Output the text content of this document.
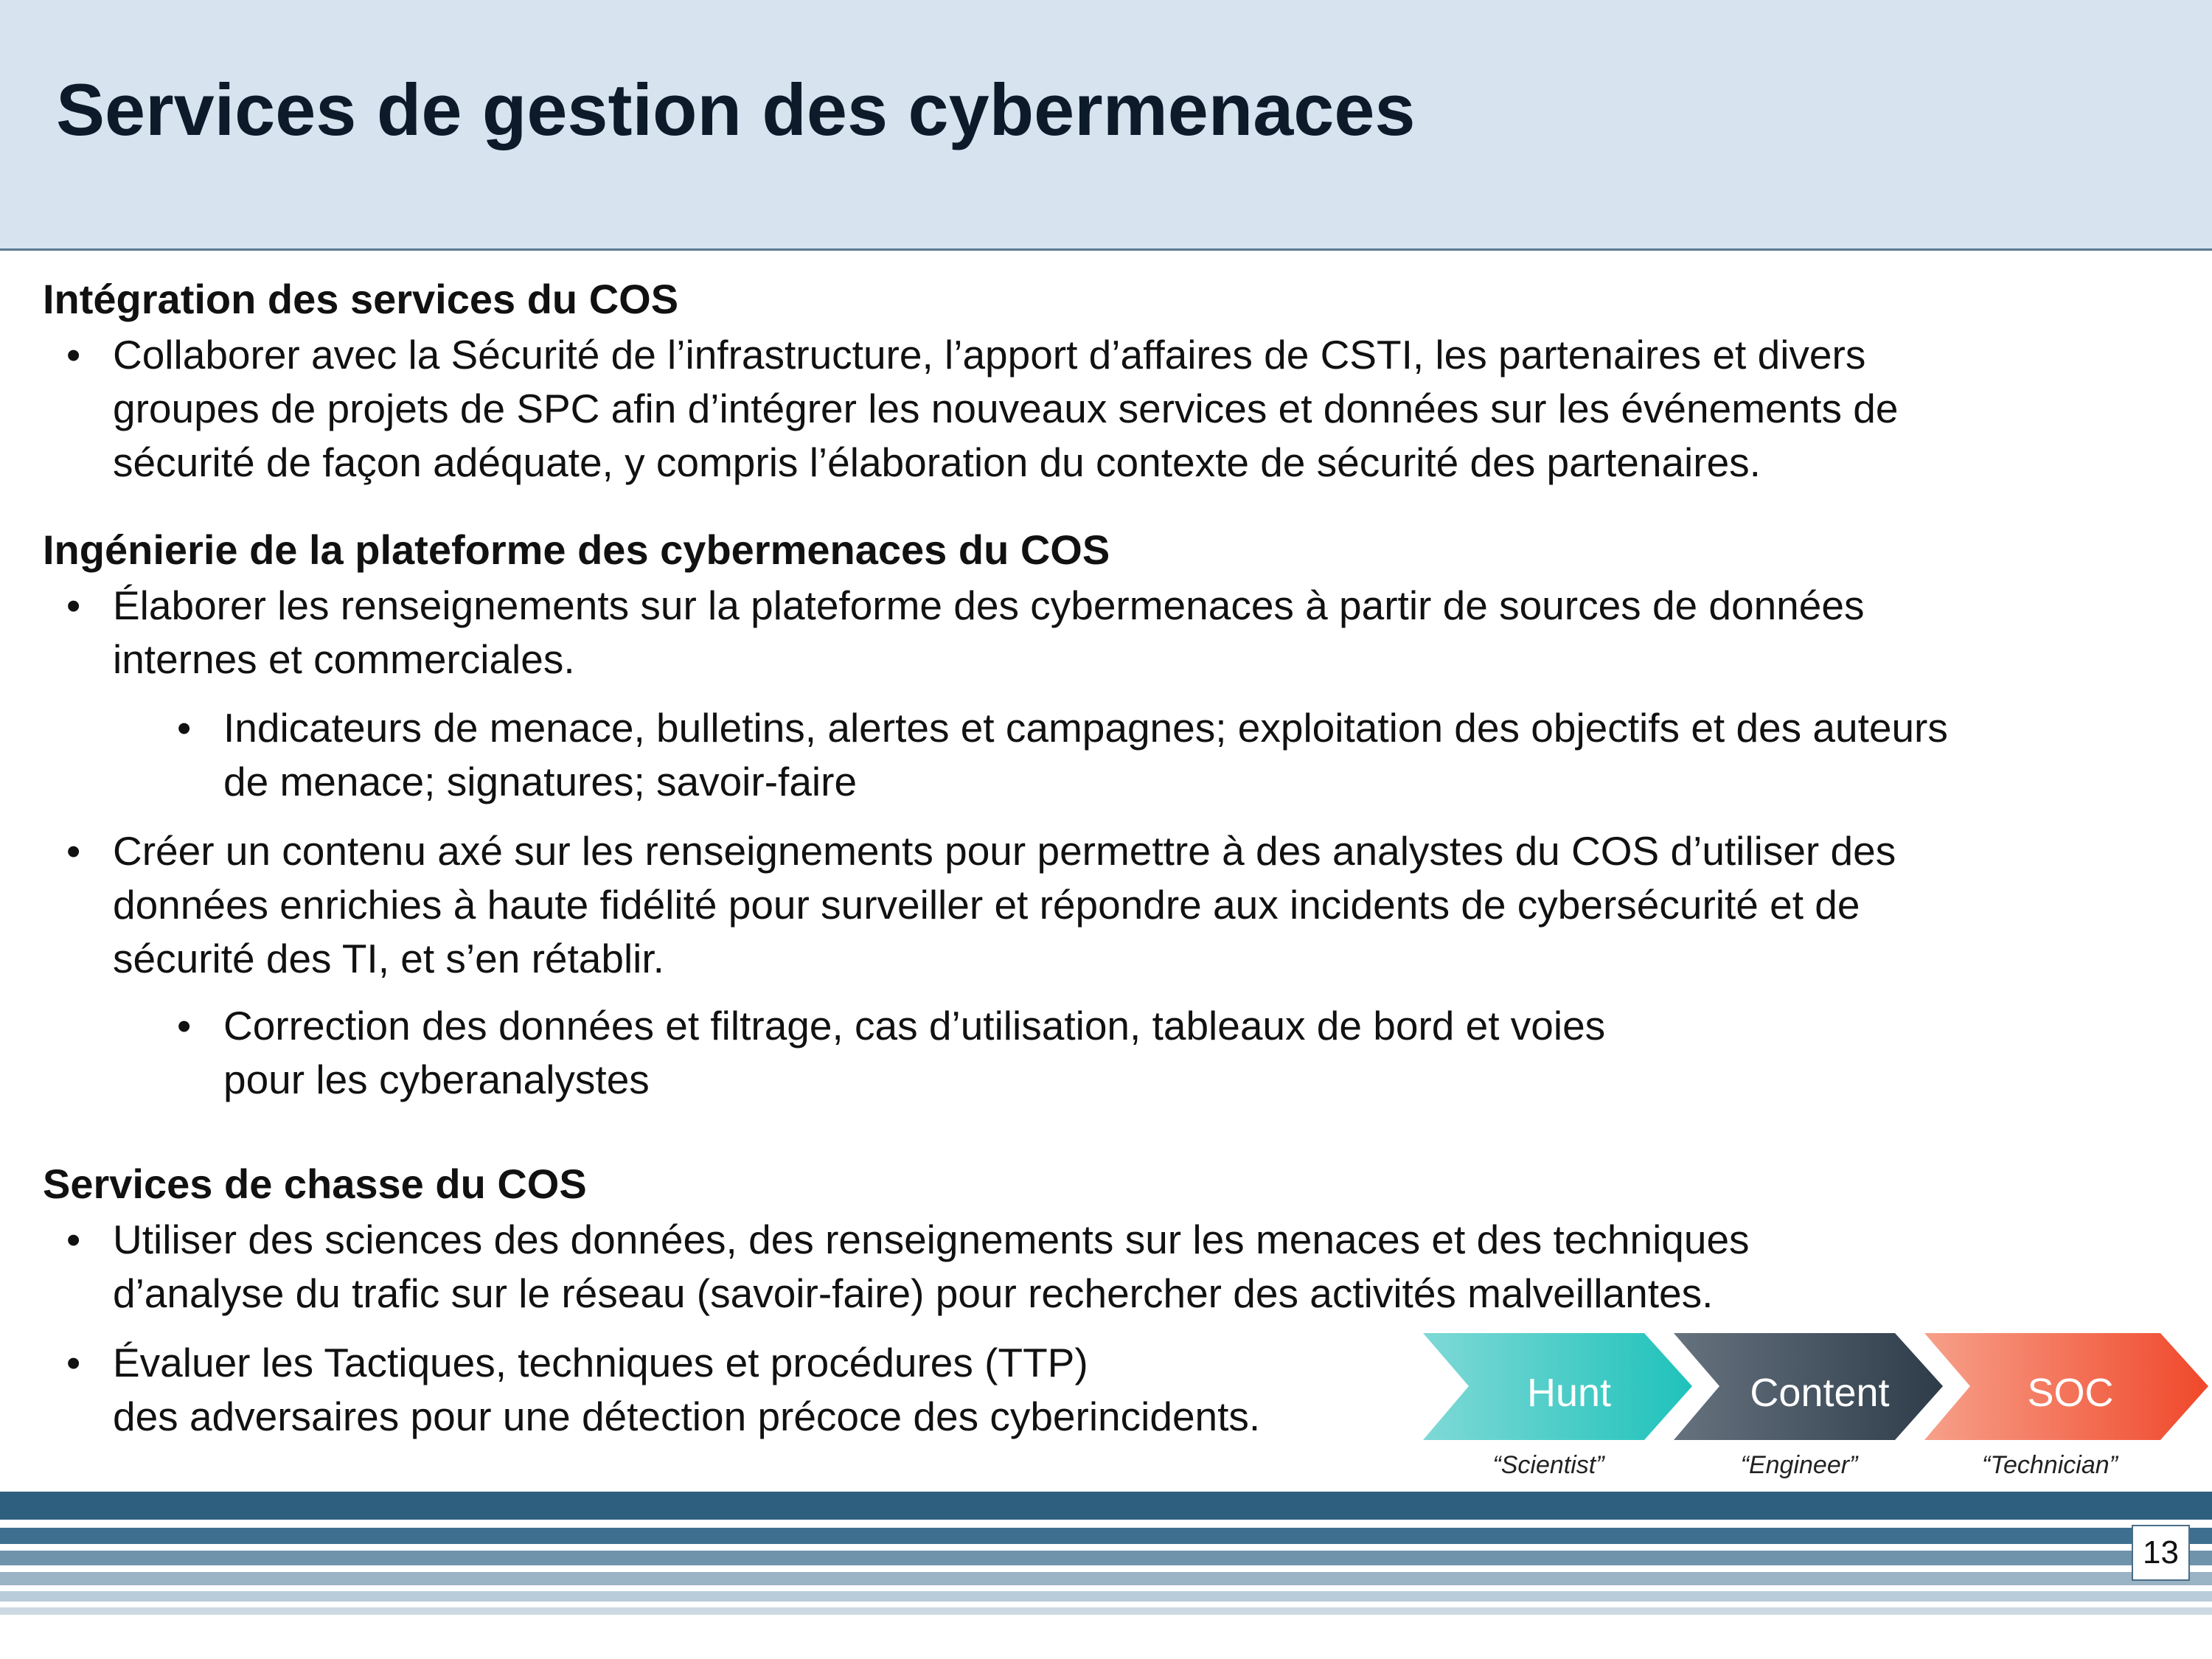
Services de gestion des cybermenaces
Intégration des services du COS
• Collaborer avec la Sécurité de l’infrastructure, l’apport d’affaires de CSTI, les partenaires et divers
groupes de projets de SPC afin d’intégrer les nouveaux services et données sur les événements de
sécurité de façon adéquate, y compris l’élaboration du contexte de sécurité des partenaires.
Ingénierie de la plateforme des cybermenaces du COS
• Élaborer les renseignements sur la plateforme des cybermenaces à partir de sources de données
internes et commerciales.
• Indicateurs de menace, bulletins, alertes et campagnes; exploitation des objectifs et des auteurs
de menace; signatures; savoir-faire
• Créer un contenu axé sur les renseignements pour permettre à des analystes du COS d’utiliser des
données enrichies à haute fidélité pour surveiller et répondre aux incidents de cybersécurité et de
sécurité des TI, et s’en rétablir.
• Correction des données et filtrage, cas d’utilisation, tableaux de bord et voies
pour les cyberanalystes
Services de chasse du COS
• Utiliser des sciences des données, des renseignements sur les menaces et des techniques
d’analyse du trafic sur le réseau (savoir-faire) pour rechercher des activités malveillantes.
• Évaluer les Tactiques, techniques et procédures (TTP)
des adversaires pour une détection précoce des cyberincidents.
Hunt	Content	SOC
“Scientist”	“Engineer”	“Technician”
13
